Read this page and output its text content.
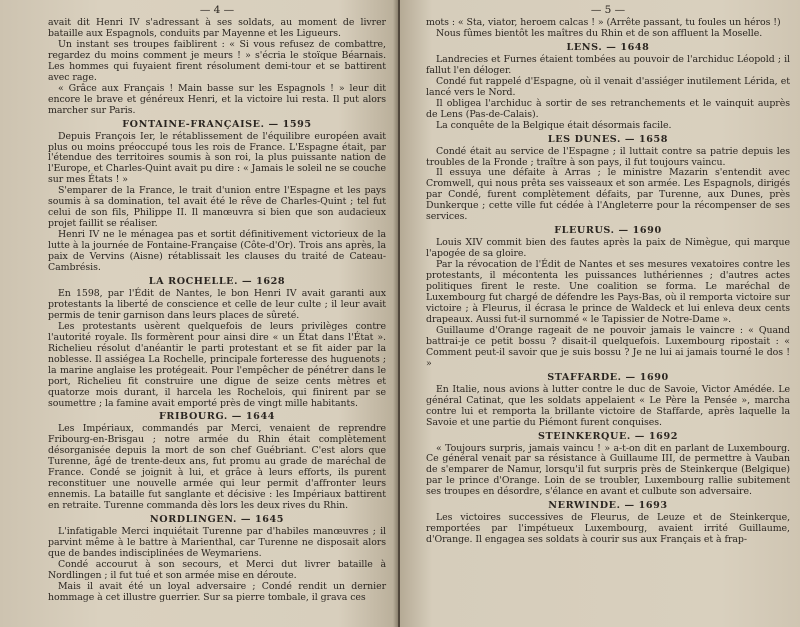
— 4 —

avait dit Henri IV s'adressant à ses soldats, au moment de livrer bataille aux Espagnols, conduits par Mayenne et les Ligueurs.

Un instant ses troupes faiblirent : « Si vous refusez de combattre, regardez du moins comment je meurs ! » s'écria le stoïque Béarnais. Les hommes qui fuyaient firent résolument demi-tour et se battirent avec rage.

« Grâce aux Français ! Main basse sur les Espagnols ! » leur dit encore le brave et généreux Henri, et la victoire lui resta. Il put alors marcher sur Paris.

FONTAINE-FRANÇAISE. — 1595

Depuis François Ier, le rétablissement de l'équilibre européen avait plus ou moins préoccupé tous les rois de France. L'Espagne était, par l'étendue des territoires soumis à son roi, la plus puissante nation de l'Europe, et Charles-Quint avait pu dire : « Jamais le soleil ne se couche sur mes États ! »

S'emparer de la France, le trait d'union entre l'Espagne et les pays soumis à sa domination, tel avait été le rêve de Charles-Quint ; tel fut celui de son fils, Philippe II. Il manœuvra si bien que son audacieux projet faillit se réaliser.

Henri IV ne le ménagea pas et sortit définitivement victorieux de la lutte à la journée de Fontaine-Française (Côte-d'Or). Trois ans après, la paix de Vervins (Aisne) rétablissait les clauses du traité de Cateau-Cambrésis.

LA ROCHELLE. — 1628

En 1598, par l'Édit de Nantes, le bon Henri IV avait garanti aux protestants la liberté de conscience et celle de leur culte ; il leur avait permis de tenir garnison dans leurs places de sûreté.

Les protestants usèrent quelquefois de leurs privilèges contre l'autorité royale. Ils formèrent pour ainsi dire « un État dans l'État ». Richelieu résolut d'anéantir le parti protestant et se fit aider par la noblesse. Il assiégea La Rochelle, principale forteresse des huguenots ; la marine anglaise les protégeait. Pour l'empêcher de pénétrer dans le port, Richelieu fit construire une digue de seize cents mètres et quatorze mois durant, il harcela les Rochelois, qui finirent par se soumettre ; la famine avait emporté près de vingt mille habitants.

FRIBOURG. — 1644

Les Impériaux, commandés par Merci, venaient de reprendre Fribourg-en-Brisgau ; notre armée du Rhin était complètement désorganisée depuis la mort de son chef Guébriant. C'est alors que Turenne, âgé de trente-deux ans, fut promu au grade de maréchal de France. Condé se joignit à lui, et grâce à leurs efforts, ils purent reconstituer une nouvelle armée qui leur permit d'affronter leurs ennemis. La bataille fut sanglante et décisive : les Impériaux battirent en retraite. Turenne commanda dès lors les deux rives du Rhin.

NORDLINGEN. — 1645

L'infatigable Merci inquiétait Turenne par d'habiles manœuvres ; il parvint même à le battre à Marienthal, car Turenne ne disposait alors que de bandes indisciplinées de Weymariens.

Condé accourut à son secours, et Merci dut livrer bataille à Nordlingen ; il fut tué et son armée mise en déroute.

Mais il avait été un loyal adversaire ; Condé rendit un dernier hommage à cet illustre guerrier. Sur sa pierre tombale, il grava ces

— 5 —

mots : « Sta, viator, heroem calcas ! » (Arrête passant, tu foules un héros !)

Nous fûmes bientôt les maîtres du Rhin et de son affluent la Moselle.

LENS. — 1648

Landrecies et Furnes étaient tombées au pouvoir de l'archiduc Léopold ; il fallut l'en déloger.

Condé fut rappelé d'Espagne, où il venait d'assiéger inutilement Lérida, et lancé vers le Nord.

Il obligea l'archiduc à sortir de ses retranchements et le vainquit auprès de Lens (Pas-de-Calais).

La conquête de la Belgique était désormais facile.

LES DUNES. — 1658

Condé était au service de l'Espagne ; il luttait contre sa patrie depuis les troubles de la Fronde ; traître à son pays, il fut toujours vaincu.

Il essuya une défaite à Arras ; le ministre Mazarin s'entendit avec Cromwell, qui nous prêta ses vaisseaux et son armée. Les Espagnols, dirigés par Condé, furent complètement défaits, par Turenne, aux Dunes, près Dunkerque ; cette ville fut cédée à l'Angleterre pour la récompenser de ses services.

FLEURUS. — 1690

Louis XIV commit bien des fautes après la paix de Nimègue, qui marque l'apogée de sa gloire.

Par la révocation de l'Édit de Nantes et ses mesures vexatoires contre les protestants, il mécontenta les puissances luthériennes ; d'autres actes politiques firent le reste. Une coalition se forma. Le maréchal de Luxembourg fut chargé de défendre les Pays-Bas, où il remporta victoire sur victoire ; à Fleurus, il écrasa le prince de Waldeck et lui enleva deux cents drapeaux. Aussi fut-il surnommé « le Tapissier de Notre-Dame ».

Guillaume d'Orange rageait de ne pouvoir jamais le vaincre : « Quand battrai-je ce petit bossu ? disait-il quelquefois. Luxembourg ripostait : « Comment peut-il savoir que je suis bossu ? Je ne lui ai jamais tourné le dos ! »

STAFFARDE. — 1690

En Italie, nous avions à lutter contre le duc de Savoie, Victor Amédée. Le général Catinat, que les soldats appelaient « Le Père la Pensée », marcha contre lui et remporta la brillante victoire de Staffarde, après laquelle la Savoie et une partie du Piémont furent conquises.

STEINKERQUE. — 1692

« Toujours surpris, jamais vaincu ! » a-t-on dit en parlant de Luxembourg. Ce général venait par sa résistance à Guillaume III, de permettre à Vauban de s'emparer de Namur, lorsqu'il fut surpris près de Steinkerque (Belgique) par le prince d'Orange. Loin de se troubler, Luxembourg rallie subitement ses troupes en désordre, s'élance en avant et culbute son adversaire.

NERWINDE. — 1693

Les victoires successives de Fleurus, de Leuze et de Steinkerque, remportées par l'impétueux Luxembourg, avaient irrité Guillaume, d'Orange. Il engagea ses soldats à courir sus aux Français et à frap-
